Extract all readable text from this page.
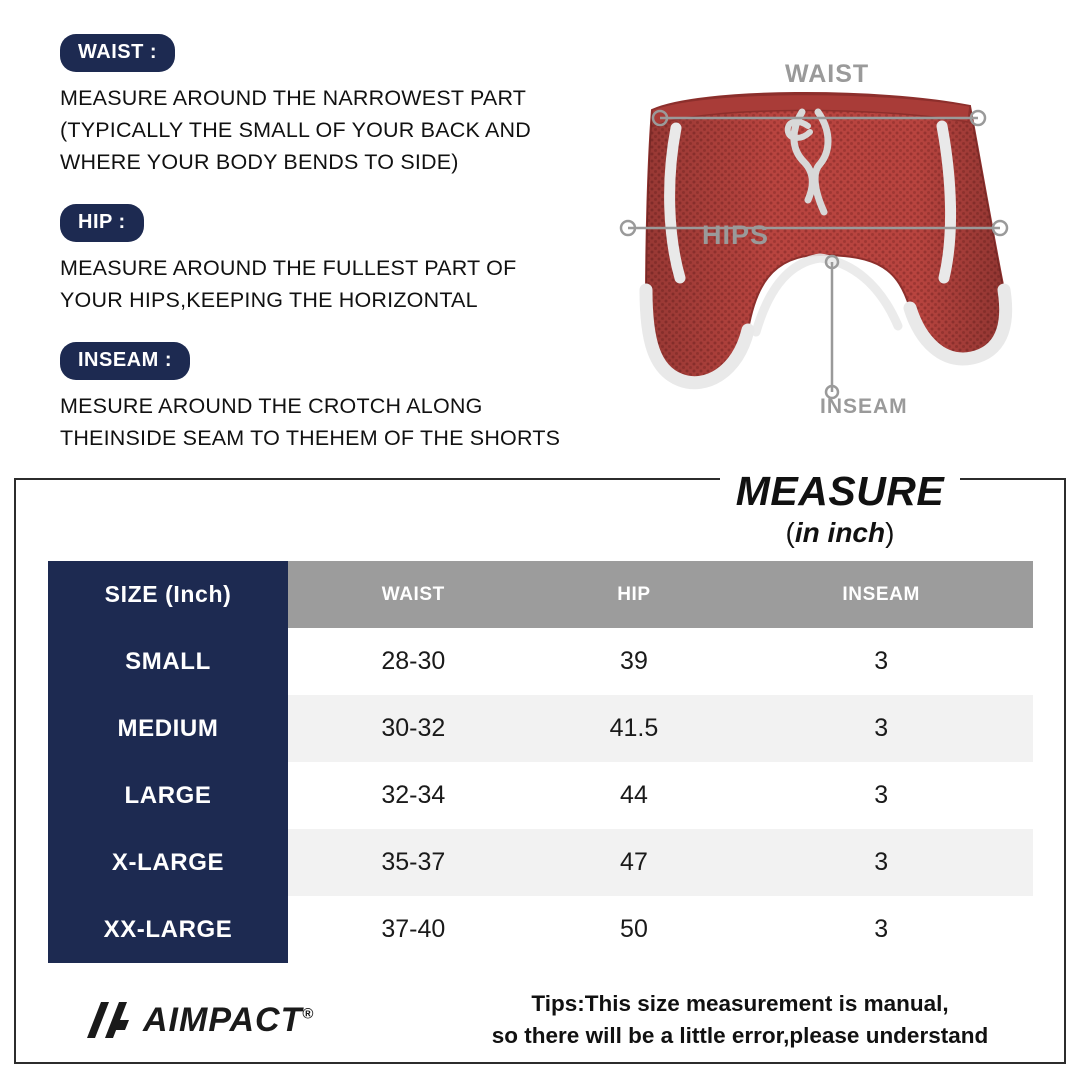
WAIST :
MEASURE AROUND THE NARROWEST PART
(TYPICALLY THE SMALL OF YOUR BACK AND
WHERE YOUR BODY BENDS TO SIDE)
HIP :
MEASURE AROUND THE FULLEST PART OF
YOUR HIPS,KEEPING THE HORIZONTAL
INSEAM :
MESURE AROUND THE CROTCH ALONG
THEINSIDE SEAM TO THEHEM OF THE SHORTS
WAIST
HIPS
INSEAM
MEASURE
(in inch)
SIZE (Inch)	WAIST	HIP	INSEAM
SMALL	28-30	39	3
MEDIUM	30-32	41.5	3
LARGE	32-34	44	3
X-LARGE	35-37	47	3
XX-LARGE	37-40	50	3
AIMPACT®	Tips:This size measurement is manual,
so there will be a little error,please understand
